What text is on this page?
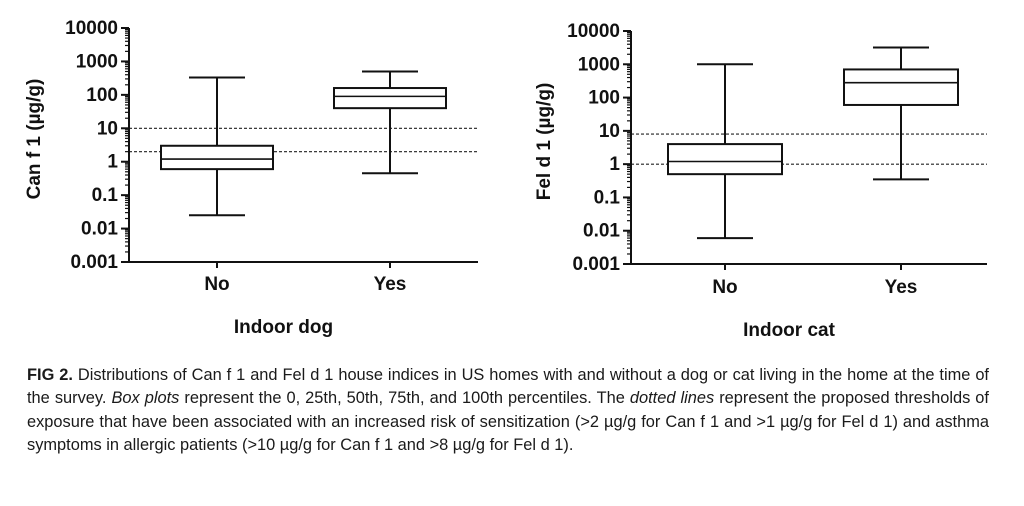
10000
1000
100
10
1
0.1
0.01
0.001
No	Yes
Indoor dog
Can f 1 (µg/g)
10000
1000
100
10
1
0.1
0.01
0.001
No	Yes
Indoor cat
Fel d 1 (µg/g)
FIG 2. Distributions of Can f 1 and Fel d 1 house indices in US homes with and without a dog or cat living in the home at the time of the survey. Box plots represent the 0, 25th, 50th, 75th, and 100th percentiles. The dotted lines represent the proposed thresholds of exposure that have been associated with an increased risk of sensitization (>2 µg/g for Can f 1 and >1 µg/g for Fel d 1) and asthma symptoms in allergic patients (>10 µg/g for Can f 1 and >8 µg/g for Fel d 1).
